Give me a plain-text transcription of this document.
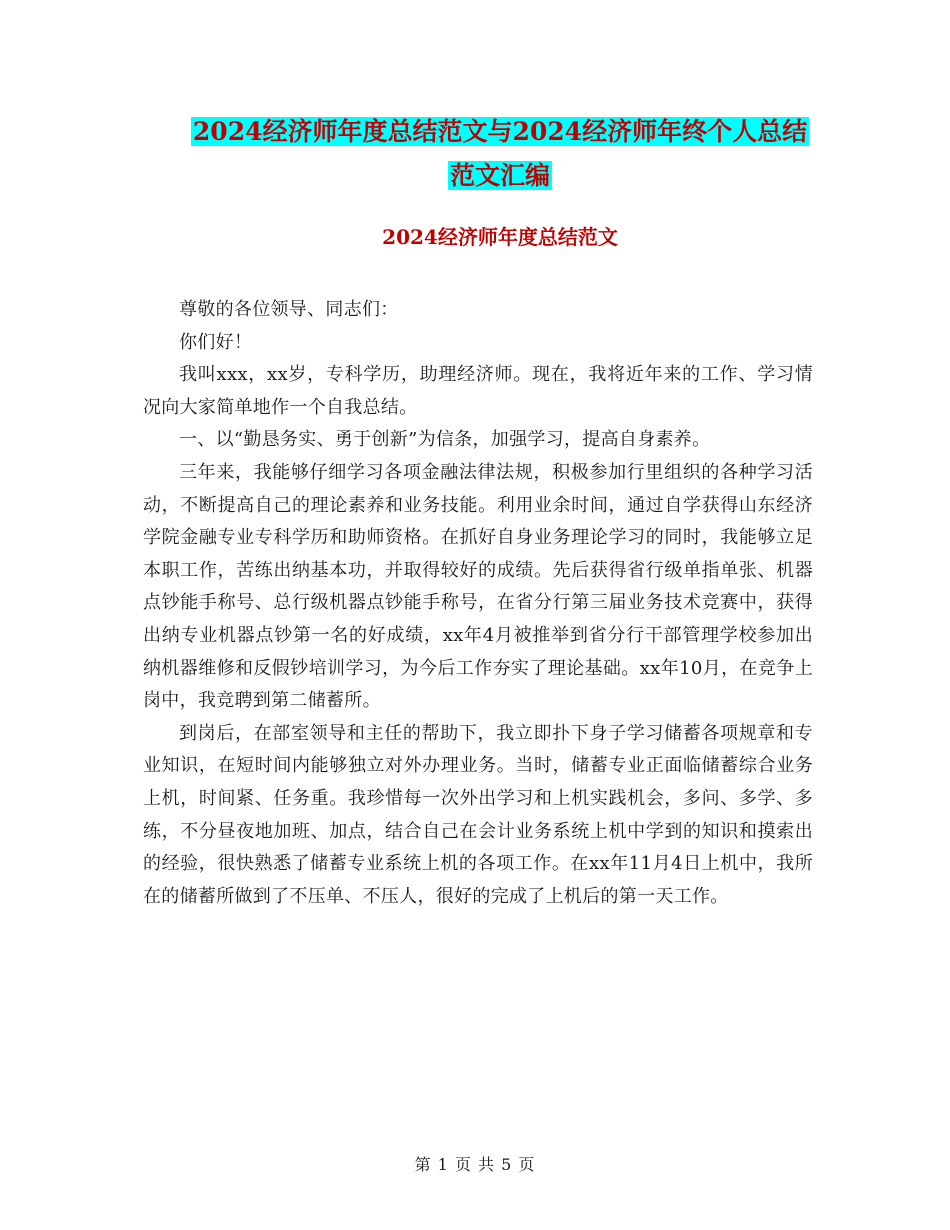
2024经济师年度总结范文与2024经济师年终个人总结
范文汇编
2024经济师年度总结范文

尊敬的各位领导、同志们：

你们好！

我叫xxx，xx岁，专科学历，助理经济师。现在，我将近年来的工作、学习情况向大家简单地作一个自我总结。

一、以“勤恳务实、勇于创新”为信条，加强学习，提高自身素养。

三年来，我能够仔细学习各项金融法律法规，积极参加行里组织的各种学习活动，不断提高自己的理论素养和业务技能。利用业余时间，通过自学获得山东经济学院金融专业专科学历和助师资格。在抓好自身业务理论学习的同时，我能够立足本职工作，苦练出纳基本功，并取得较好的成绩。先后获得省行级单指单张、机器点钞能手称号、总行级机器点钞能手称号，在省分行第三届业务技术竞赛中，获得出纳专业机器点钞第一名的好成绩，xx年4月被推举到省分行干部管理学校参加出纳机器维修和反假钞培训学习，为今后工作夯实了理论基础。xx年10月，在竞争上岗中，我竞聘到第二储蓄所。

到岗后，在部室领导和主任的帮助下，我立即扑下身子学习储蓄各项规章和专业知识，在短时间内能够独立对外办理业务。当时，储蓄专业正面临储蓄综合业务上机，时间紧、任务重。我珍惜每一次外出学习和上机实践机会，多问、多学、多练，不分昼夜地加班、加点，结合自己在会计业务系统上机中学到的知识和摸索出的经验，很快熟悉了储蓄专业系统上机的各项工作。在xx年11月4日上机中，我所在的储蓄所做到了不压单、不压人，很好的完成了上机后的第一天工作。

第 1 页 共 5 页
